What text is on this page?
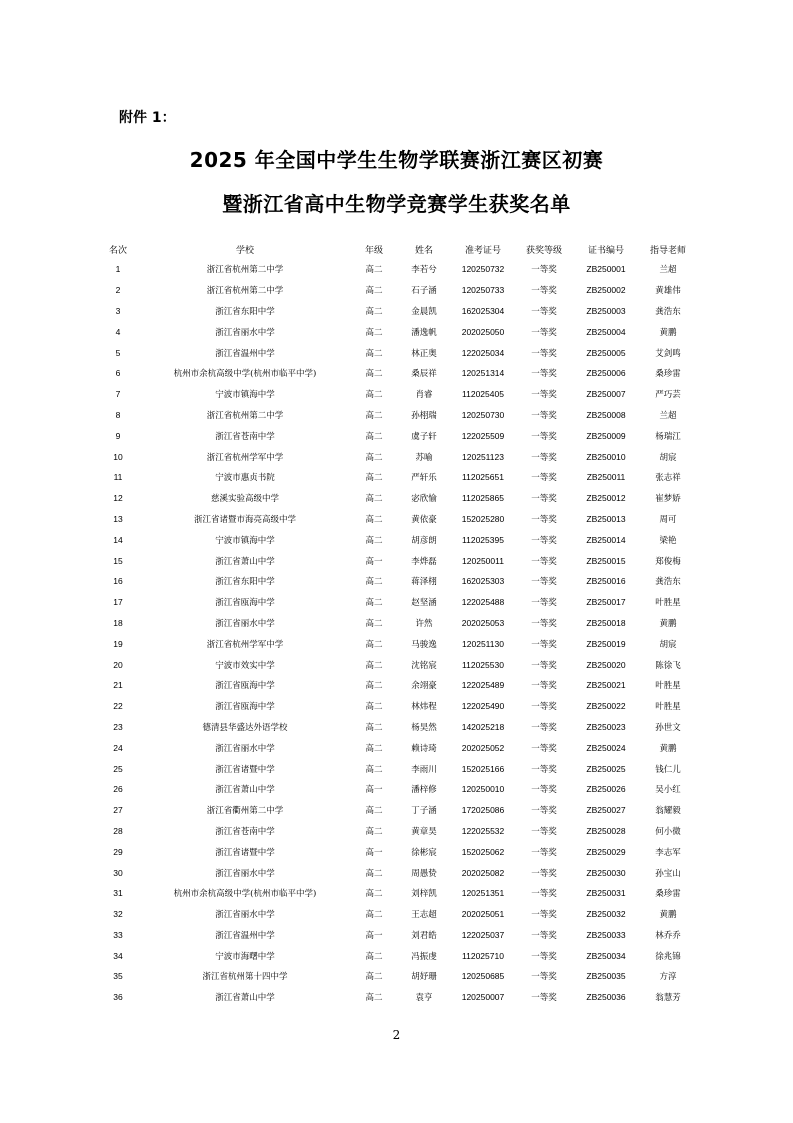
附件 1：
2025 年全国中学生生物学联赛浙江赛区初赛
暨浙江省高中生物学竞赛学生获奖名单
名次	学校	年级	姓名	准考证号	获奖等级	证书编号	指导老师
1	浙江省杭州第二中学	高二	李若兮	120250732	一等奖	ZB250001	兰超
2	浙江省杭州第二中学	高二	石子涵	120250733	一等奖	ZB250002	黄雄伟
3	浙江省东阳中学	高二	金晨凯	162025304	一等奖	ZB250003	龚浩东
4	浙江省丽水中学	高二	潘逸帆	202025050	一等奖	ZB250004	黄鹏
5	浙江省温州中学	高二	林正奥	122025034	一等奖	ZB250005	艾剑鸣
6	杭州市余杭高级中学(杭州市临平中学)	高二	桑辰祥	120251314	一等奖	ZB250006	桑珍雷
7	宁波市镇海中学	高二	肖睿	112025405	一等奖	ZB250007	严巧芸
8	浙江省杭州第二中学	高二	孙栩瑞	120250730	一等奖	ZB250008	兰超
9	浙江省苍南中学	高二	虞子轩	122025509	一等奖	ZB250009	杨瑞江
10	浙江省杭州学军中学	高二	苏喻	120251123	一等奖	ZB250010	胡宸
11	宁波市惠贞书院	高二	严轩乐	112025651	一等奖	ZB250011	张志祥
12	慈溪实验高级中学	高二	宓欣愉	112025865	一等奖	ZB250012	崔梦娇
13	浙江省诸暨市海亮高级中学	高二	黄依豪	152025280	一等奖	ZB250013	周可
14	宁波市镇海中学	高二	胡彦朗	112025395	一等奖	ZB250014	梁艳
15	浙江省萧山中学	高一	李烨磊	120250011	一等奖	ZB250015	郑俊梅
16	浙江省东阳中学	高二	蒋泽栩	162025303	一等奖	ZB250016	龚浩东
17	浙江省瓯海中学	高二	赵坚涵	122025488	一等奖	ZB250017	叶胜星
18	浙江省丽水中学	高二	许然	202025053	一等奖	ZB250018	黄鹏
19	浙江省杭州学军中学	高二	马骏逸	120251130	一等奖	ZB250019	胡宸
20	宁波市效实中学	高二	沈铭宸	112025530	一等奖	ZB250020	陈徐飞
21	浙江省瓯海中学	高二	余翊豪	122025489	一等奖	ZB250021	叶胜星
22	浙江省瓯海中学	高二	林炜程	122025490	一等奖	ZB250022	叶胜星
23	德清县华盛达外语学校	高二	杨昊然	142025218	一等奖	ZB250023	孙世文
24	浙江省丽水中学	高二	赖诗琦	202025052	一等奖	ZB250024	黄鹏
25	浙江省诸暨中学	高二	李雨川	152025166	一等奖	ZB250025	钱仁儿
26	浙江省萧山中学	高一	潘梓修	120250010	一等奖	ZB250026	吴小红
27	浙江省衢州第二中学	高二	丁子涵	172025086	一等奖	ZB250027	翁耀毅
28	浙江省苍南中学	高二	黄章昊	122025532	一等奖	ZB250028	何小微
29	浙江省诸暨中学	高一	徐彬宸	152025062	一等奖	ZB250029	李志军
30	浙江省丽水中学	高二	周愚贽	202025082	一等奖	ZB250030	孙宝山
31	杭州市余杭高级中学(杭州市临平中学)	高二	刘梓凯	120251351	一等奖	ZB250031	桑珍雷
32	浙江省丽水中学	高二	王志超	202025051	一等奖	ZB250032	黄鹏
33	浙江省温州中学	高一	刘君皓	122025037	一等奖	ZB250033	林乔乔
34	宁波市海曙中学	高二	冯振虔	112025710	一等奖	ZB250034	徐兆锦
35	浙江省杭州第十四中学	高二	胡妤珊	120250685	一等奖	ZB250035	方淳
36	浙江省萧山中学	高二	袁亨	120250007	一等奖	ZB250036	翁慧芳
2
